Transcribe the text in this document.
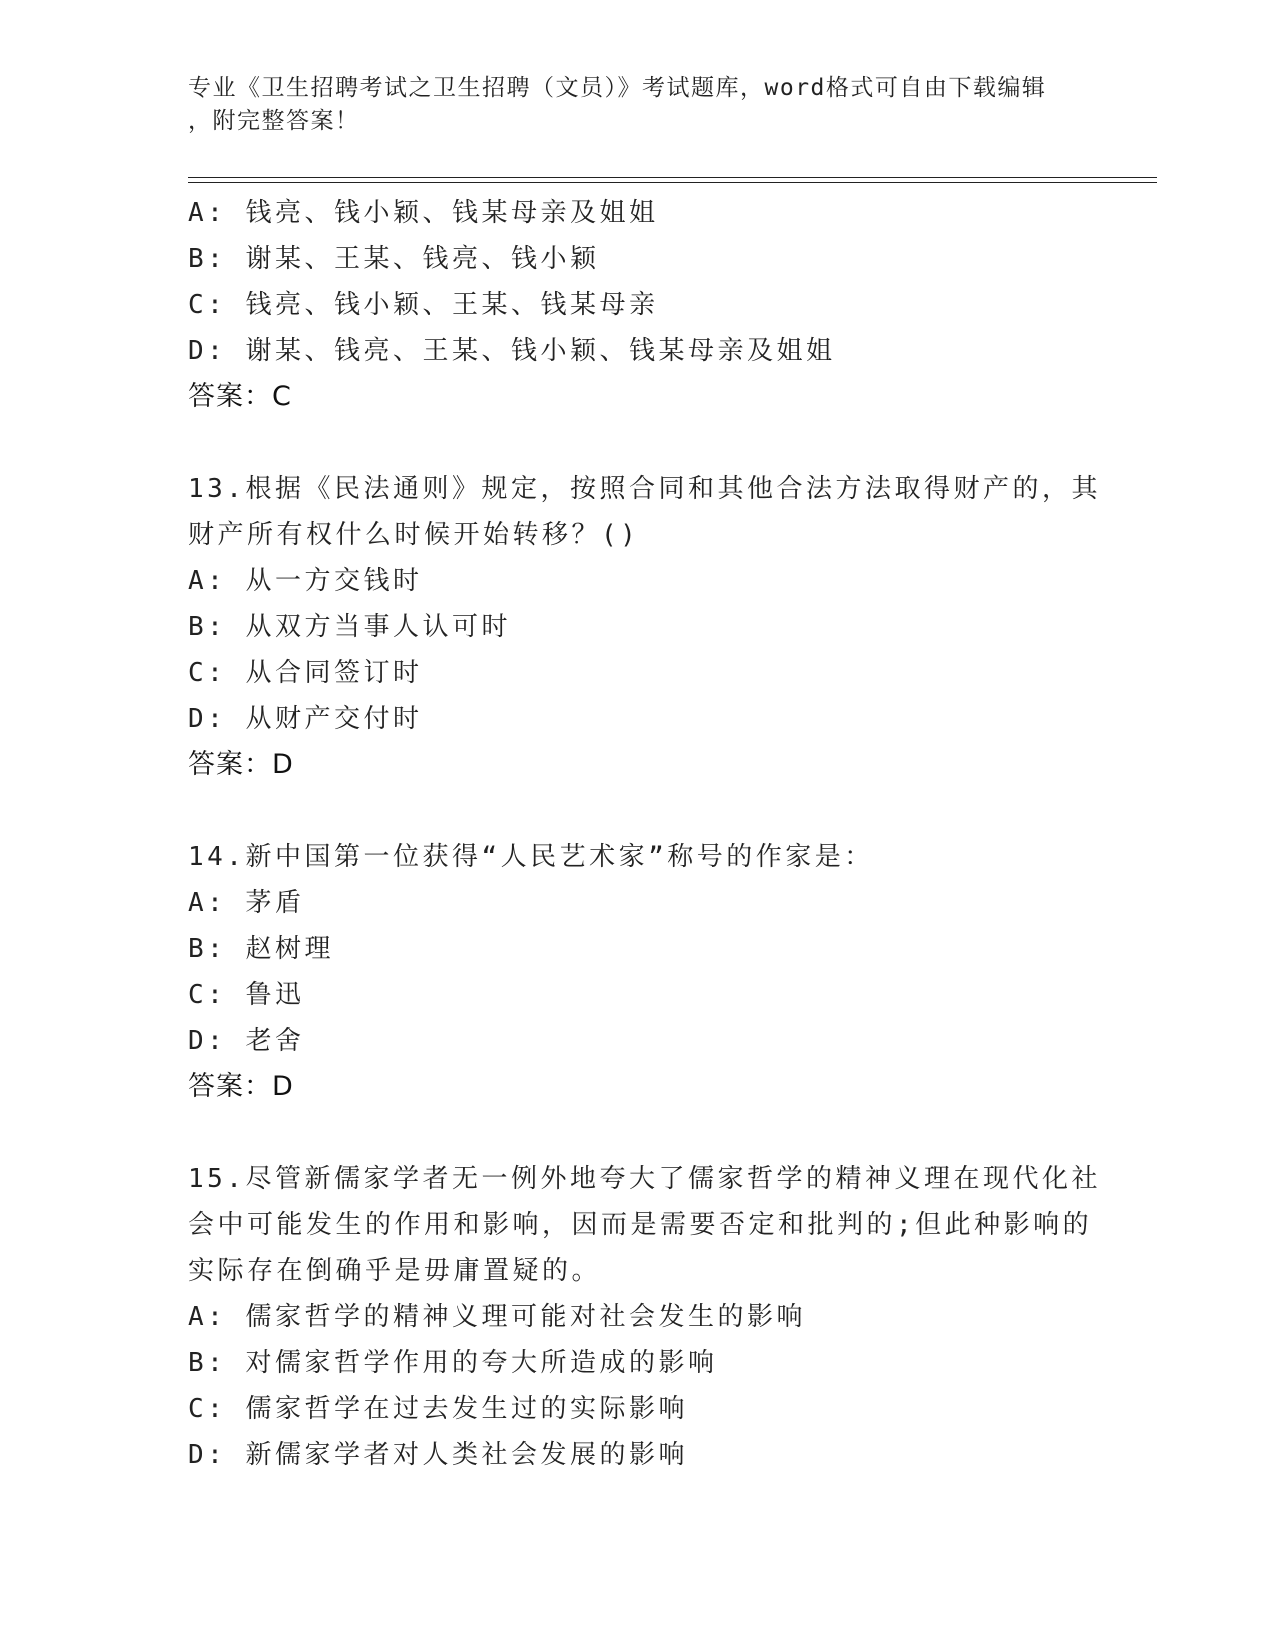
专业《卫生招聘考试之卫生招聘（文员）》考试题库，word格式可自由下载编辑
，附完整答案！
A: 钱亮、钱小颖、钱某母亲及姐姐
B: 谢某、王某、钱亮、钱小颖
C: 钱亮、钱小颖、王某、钱某母亲
D: 谢某、钱亮、王某、钱小颖、钱某母亲及姐姐
答案：C
13.根据《民法通则》规定，按照合同和其他合法方法取得财产的，其
财产所有权什么时候开始转移？()
A: 从一方交钱时
B: 从双方当事人认可时
C: 从合同签订时
D: 从财产交付时
答案：D
14.新中国第一位获得“人民艺术家”称号的作家是：
A: 茅盾
B: 赵树理
C: 鲁迅
D: 老舍
答案：D
15.尽管新儒家学者无一例外地夸大了儒家哲学的精神义理在现代化社
会中可能发生的作用和影响，因而是需要否定和批判的;但此种影响的
实际存在倒确乎是毋庸置疑的。
A: 儒家哲学的精神义理可能对社会发生的影响
B: 对儒家哲学作用的夸大所造成的影响
C: 儒家哲学在过去发生过的实际影响
D: 新儒家学者对人类社会发展的影响
